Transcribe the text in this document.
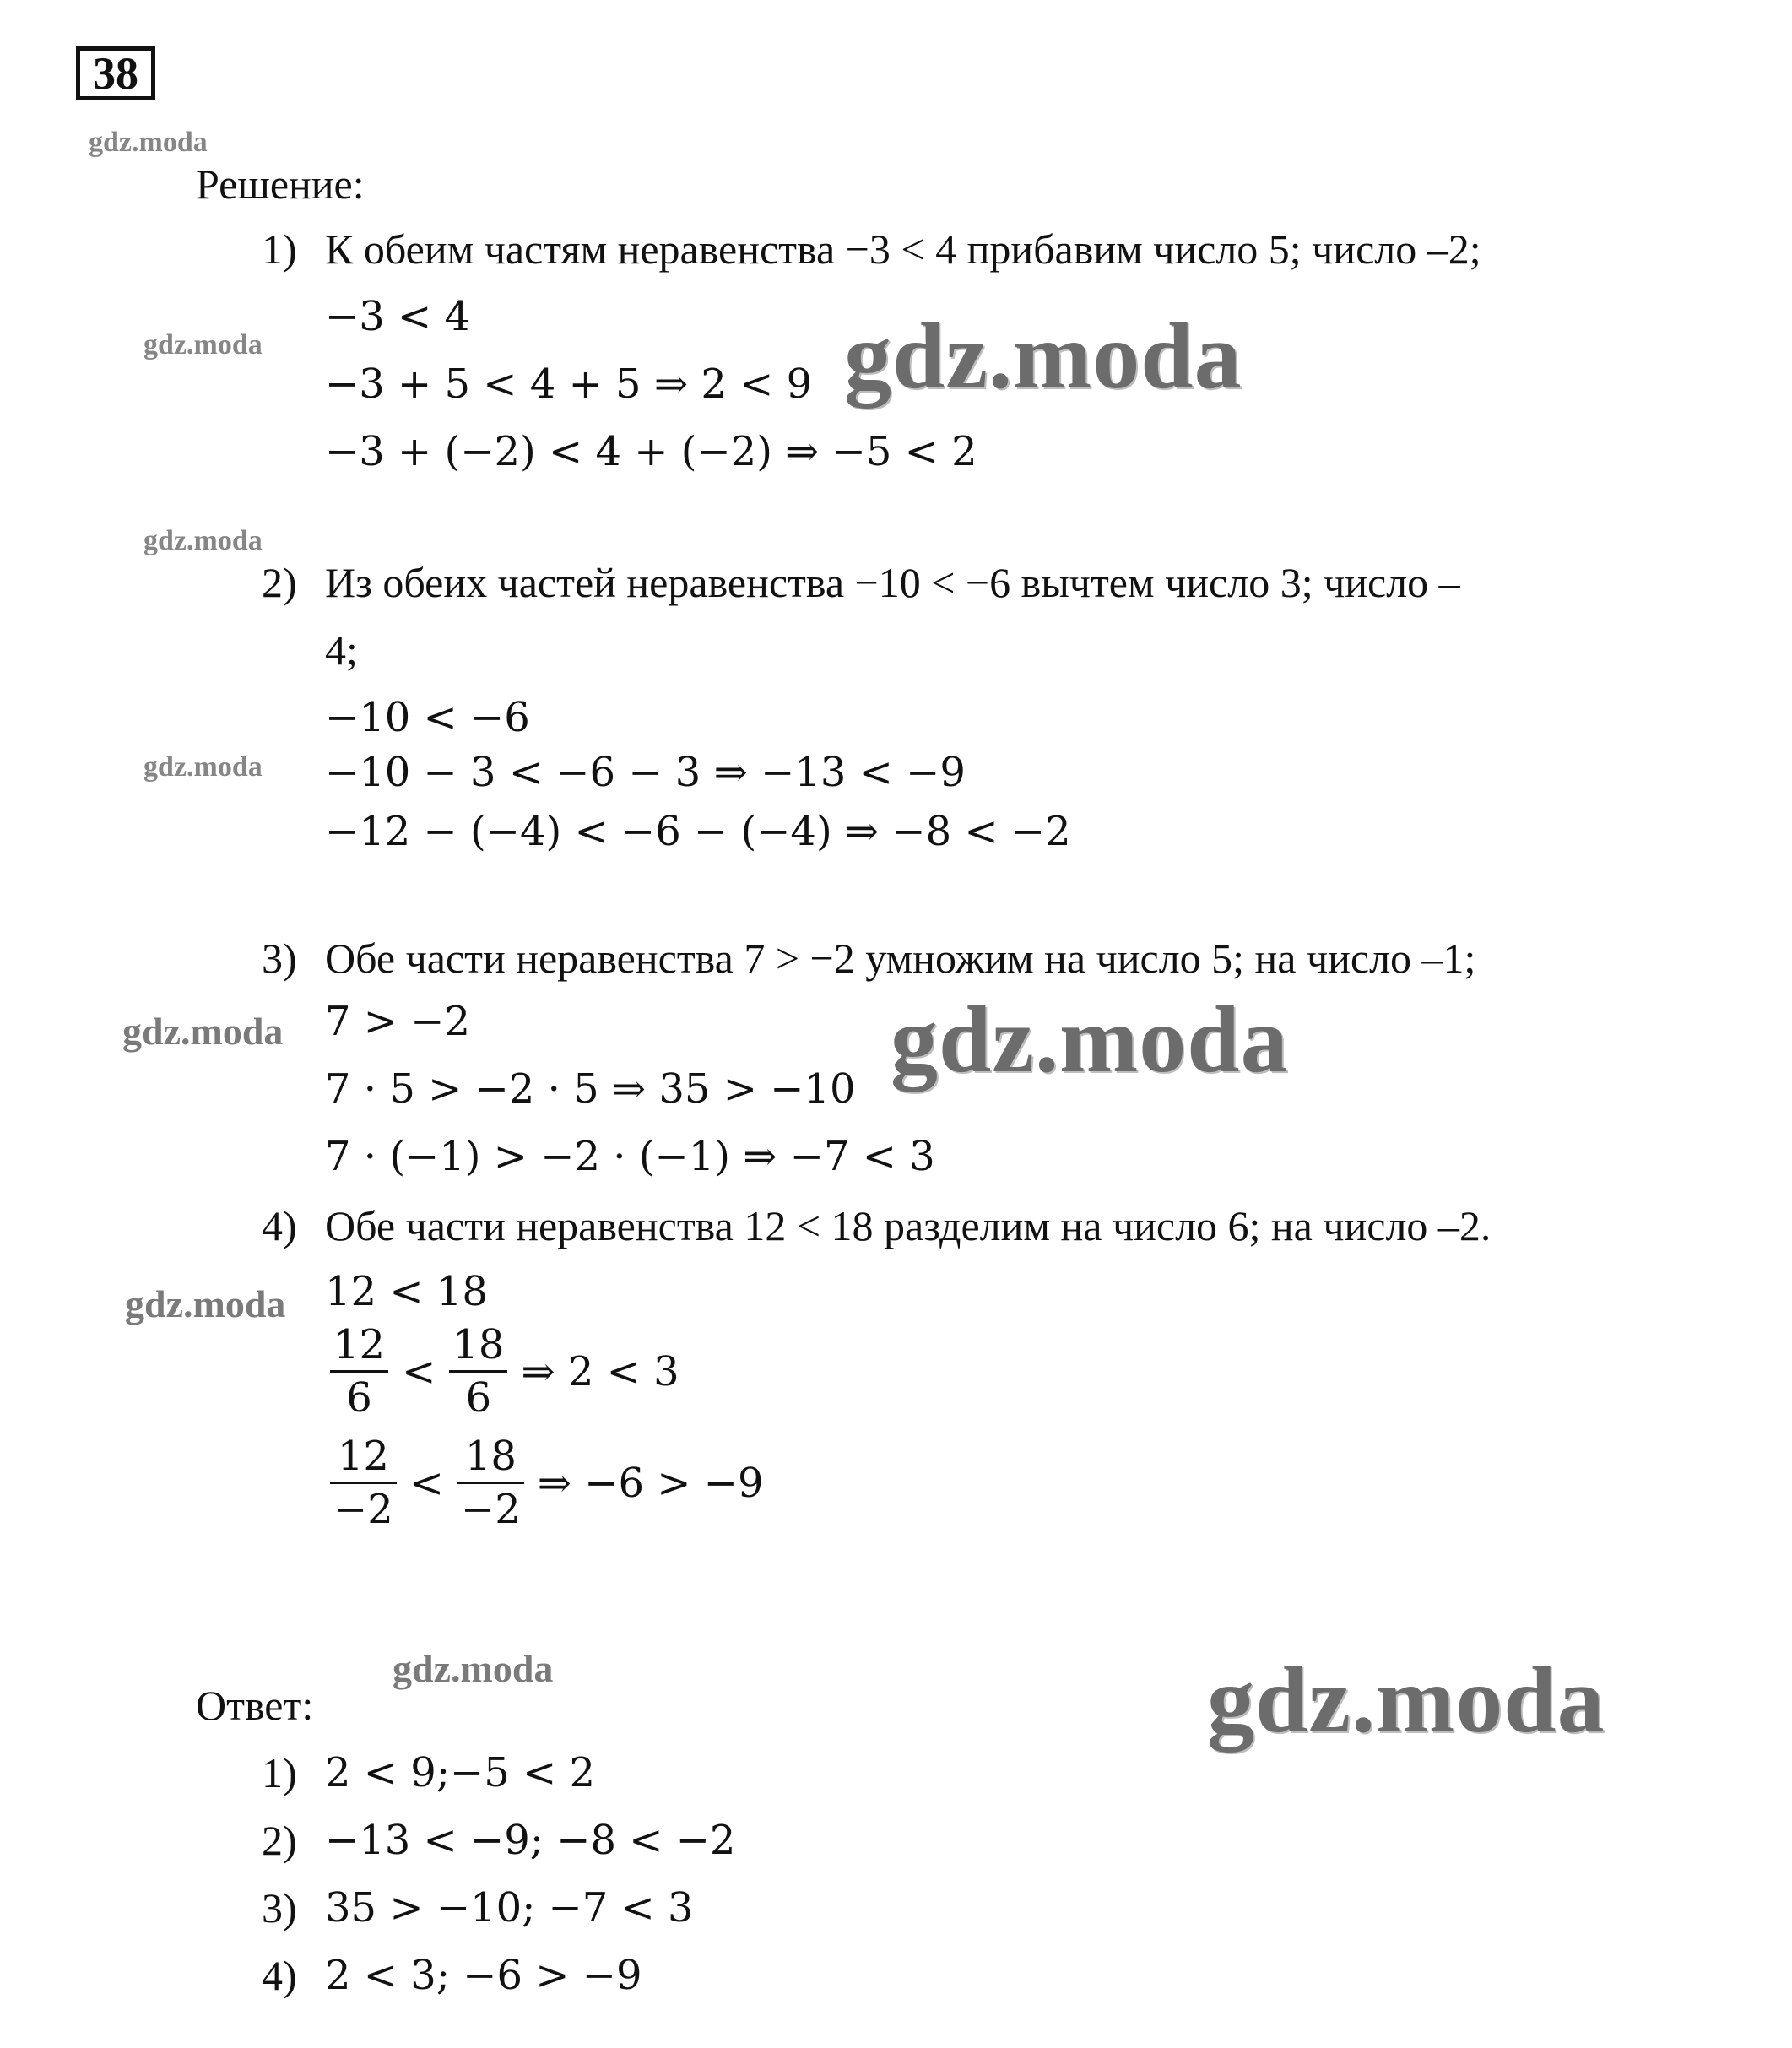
38
gdz.moda
Решение:
1) К обеим частям неравенства −3 < 4 прибавим число 5; число –2;
−3 < 4
gdz.moda
−3 + 5 < 4 + 5 ⇒ 2 < 9 gdz.moda
−3 + (−2) < 4 + (−2) ⇒ −5 < 2
gdz.moda
2) Из обеих частей неравенства −10 < −6 вычтем число 3; число –
4;
−10 < −6
gdz.moda −10 − 3 < −6 − 3 ⇒ −13 < −9
−12 − (−4) < −6 − (−4) ⇒ −8 < −2
3) Обе части неравенства 7 > −2 умножим на число 5; на число –1;
gdz.moda 7 > −2	gdz.moda
7 · 5 > −2 · 5 ⇒ 35 > −10
7 · (−1) > −2 · (−1) ⇒ −7 < 3
4) Обе части неравенства 12 < 18 разделим на число 6; на число –2.
gdz.moda 12 < 18
$\frac{12}{6} < \frac{18}{6}$ ⇒ 2 < 3
$\frac{12}{-2} < \frac{18}{-2}$ ⇒ −6 > −9
gdz.moda
Ответ:	gdz.moda
1) 2 < 9;−5 < 2
2) −13 < −9; −8 < −2
3) 35 > −10; −7 < 3
4) 2 < 3; −6 > −9
